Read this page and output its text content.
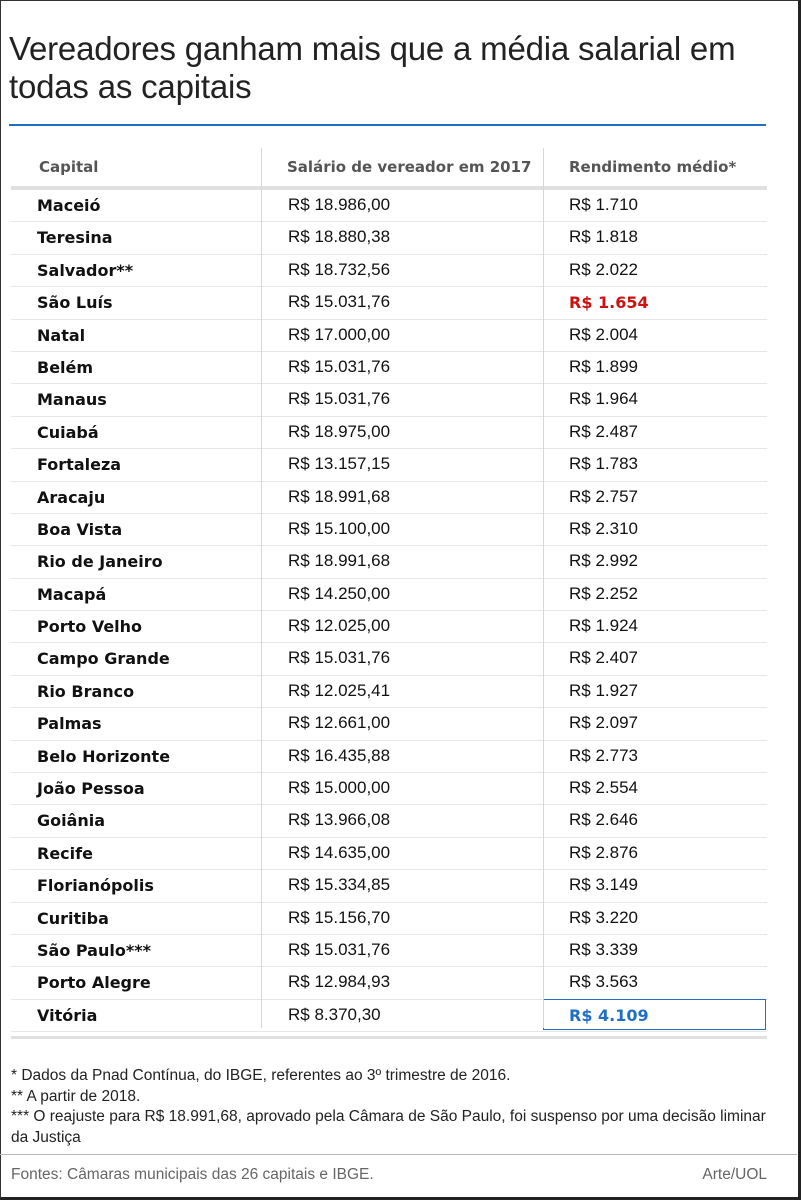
Vereadores ganham mais que a média salarial em todas as capitais
Capital	Salário de vereador em 2017	Rendimento médio*
Maceió	R$ 18.986,00	R$ 1.710
Teresina	R$ 18.880,38	R$ 1.818
Salvador**	R$ 18.732,56	R$ 2.022
São Luís	R$ 15.031,76	R$ 1.654
Natal	R$ 17.000,00	R$ 2.004
Belém	R$ 15.031,76	R$ 1.899
Manaus	R$ 15.031,76	R$ 1.964
Cuiabá	R$ 18.975,00	R$ 2.487
Fortaleza	R$ 13.157,15	R$ 1.783
Aracaju	R$ 18.991,68	R$ 2.757
Boa Vista	R$ 15.100,00	R$ 2.310
Rio de Janeiro	R$ 18.991,68	R$ 2.992
Macapá	R$ 14.250,00	R$ 2.252
Porto Velho	R$ 12.025,00	R$ 1.924
Campo Grande	R$ 15.031,76	R$ 2.407
Rio Branco	R$ 12.025,41	R$ 1.927
Palmas	R$ 12.661,00	R$ 2.097
Belo Horizonte	R$ 16.435,88	R$ 2.773
João Pessoa	R$ 15.000,00	R$ 2.554
Goiânia	R$ 13.966,08	R$ 2.646
Recife	R$ 14.635,00	R$ 2.876
Florianópolis	R$ 15.334,85	R$ 3.149
Curitiba	R$ 15.156,70	R$ 3.220
São Paulo***	R$ 15.031,76	R$ 3.339
Porto Alegre	R$ 12.984,93	R$ 3.563
Vitória	R$ 8.370,30	R$ 4.109
* Dados da Pnad Contínua, do IBGE, referentes ao 3º trimestre de 2016.
** A partir de 2018.
*** O reajuste para R$ 18.991,68, aprovado pela Câmara de São Paulo, foi suspenso por uma decisão liminar da Justiça
Fontes: Câmaras municipais das 26 capitais e IBGE.	Arte/UOL
